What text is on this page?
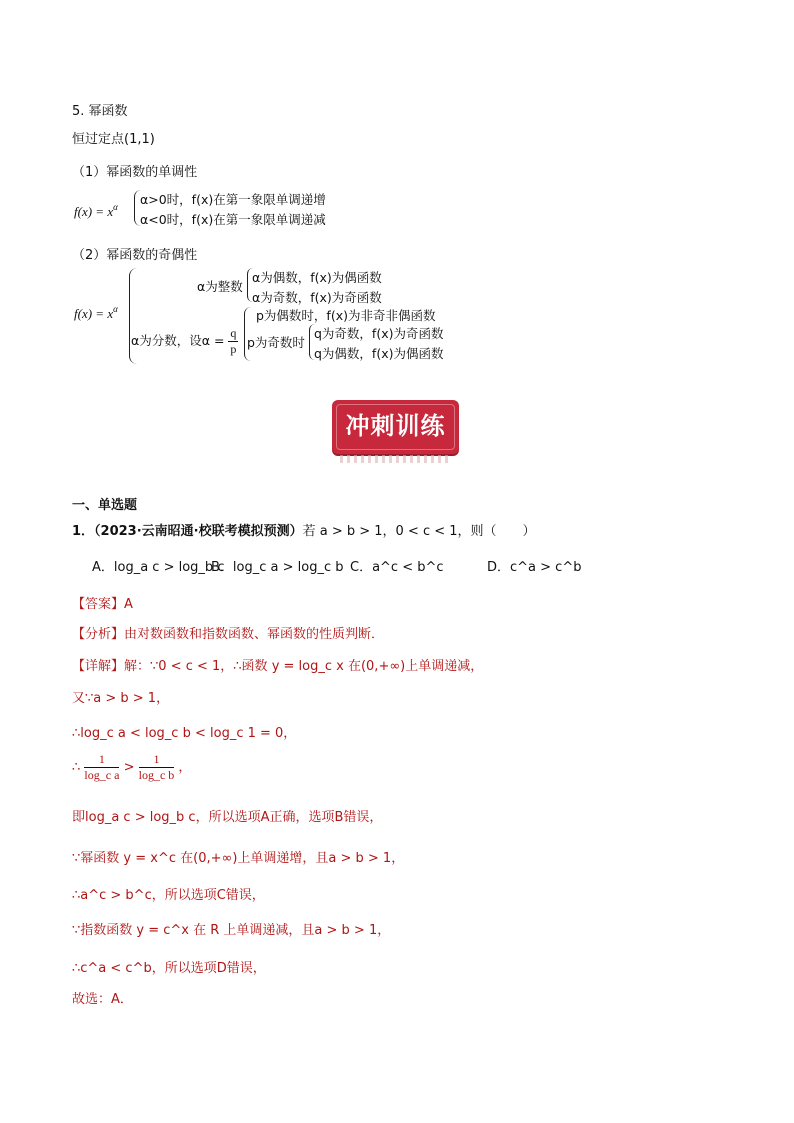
5. 幂函数
恒过定点(1,1)
（1）幂函数的单调性
$f(x) = x^\alpha$ α>0时，f(x)在第一象限单调递增
α<0时，f(x)在第一象限单调递减
（2）幂函数的奇偶性
$f(x) = x^\alpha$
α为整数
α为偶数，f(x)为偶函数
α为奇数，f(x)为奇函数
α为分数，设$\alpha = \frac{q}{p}$
p为偶数时，f(x)为非奇非偶函数
p为奇数时
q为奇数，f(x)为奇函数
q为偶数，f(x)为偶函数
冲刺训练
一、单选题
1．（2023·云南昭通·校联考模拟预测）若 a > b > 1，0 < c < 1，则（　　）
A．log_a c > log_b c
B．log_c a > log_c b C．a^c < b^c	D．c^a > c^b
【答案】A
【分析】由对数函数和指数函数、幂函数的性质判断．
【详解】解：∵0 < c < 1，∴函数 y = log_c x 在(0,+∞)上单调递减，
又∵a > b > 1，
∴log_c a < log_c b < log_c 1 = 0，
∴ $\frac{1}{\text{log\_c a}} > \frac{1}{\text{log\_c b}}$ ，
即log_a c > log_b c，所以选项A正确，选项B错误，
∵幂函数 y = x^c 在(0,+∞)上单调递增，且a > b > 1，
∴a^c > b^c，所以选项C错误，
∵指数函数 y = c^x 在 R 上单调递减，且a > b > 1，
∴c^a < c^b，所以选项D错误，
故选：A．
